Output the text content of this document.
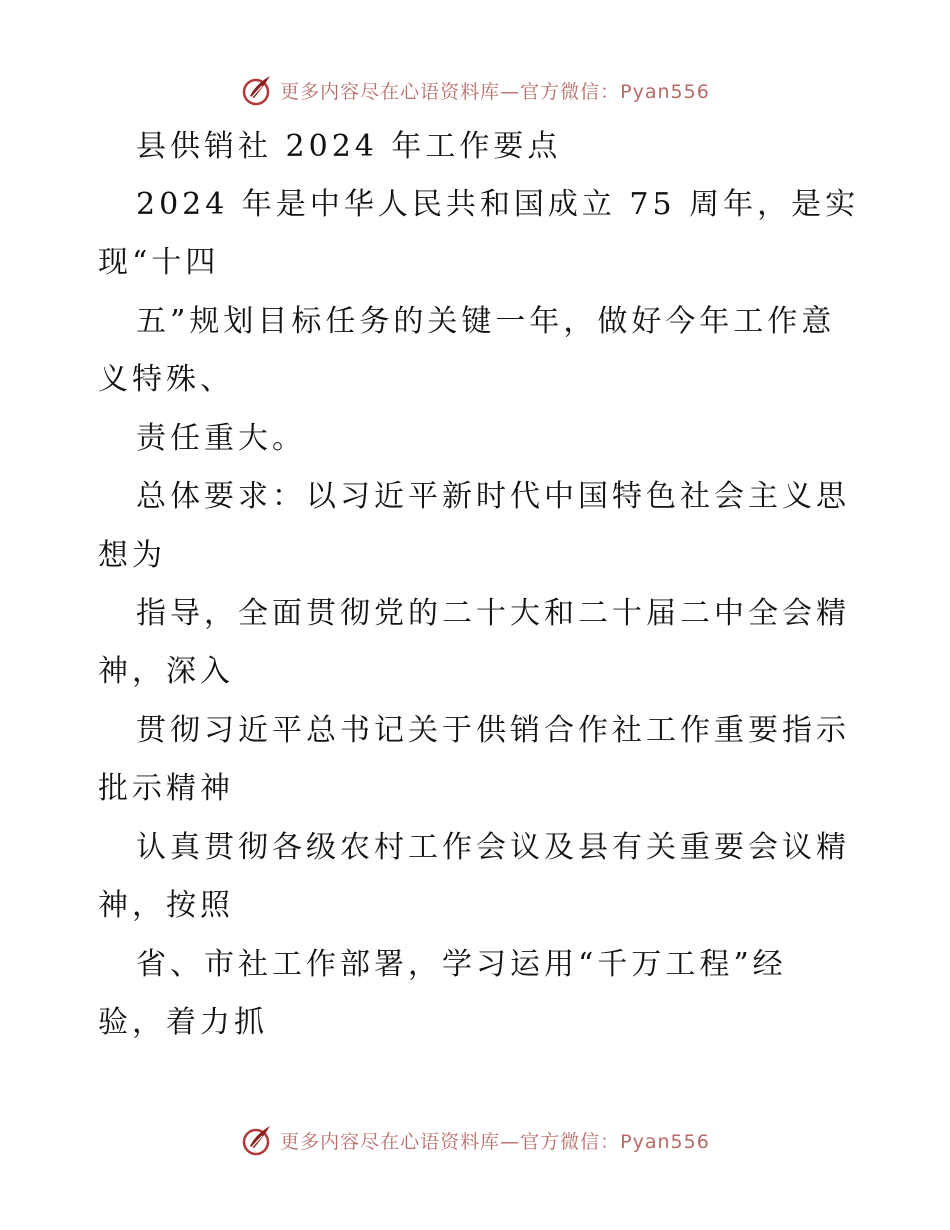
更多内容尽在心语资料库—官方微信：Pyan556

县供销社 2024 年工作要点

2024 年是中华人民共和国成立 75 周年，是实

现“十四

五”规划目标任务的关键一年，做好今年工作意

义特殊、

责任重大。

总体要求：以习近平新时代中国特色社会主义思

想为

指导，全面贯彻党的二十大和二十届二中全会精

神，深入

贯彻习近平总书记关于供销合作社工作重要指示

批示精神

认真贯彻各级农村工作会议及县有关重要会议精

神，按照

省、市社工作部署，学习运用“千万工程”经

验，着力抓

更多内容尽在心语资料库—官方微信：Pyan556
